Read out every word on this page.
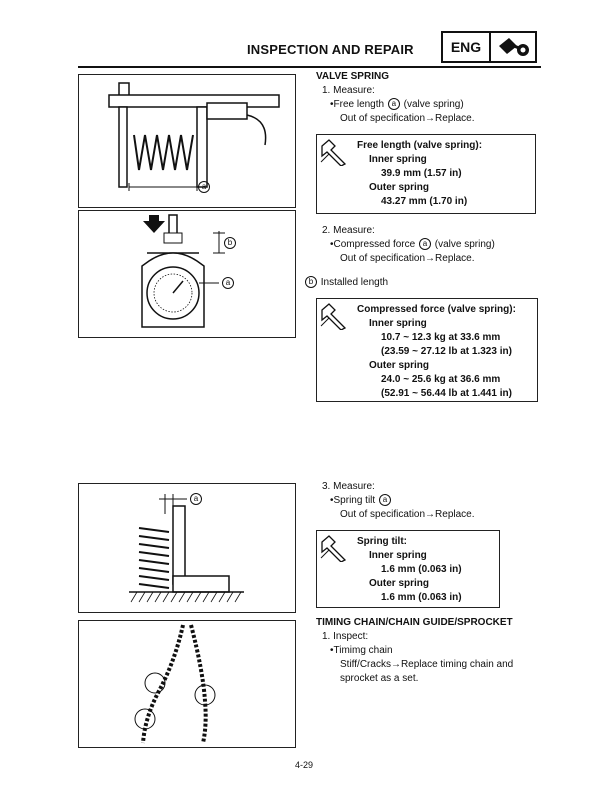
INSPECTION AND REPAIR	ENG
a
b
a
a
VALVE SPRING
1. Measure:
•Free length a (valve spring)
Out of specification→Replace.
Free length (valve spring):
Inner spring
39.9 mm (1.57 in)
Outer spring
43.27 mm (1.70 in)
2. Measure:
•Compressed force a (valve spring)
Out of specification→Replace.
b Installed length
Compressed force (valve spring):
Inner spring
10.7 ~ 12.3 kg at 33.6 mm
(23.59 ~ 27.12 lb at 1.323 in)
Outer spring
24.0 ~ 25.6 kg at 36.6 mm
(52.91 ~ 56.44 lb at 1.441 in)
3. Measure:
•Spring tilt a
Out of specification→Replace.
Spring tilt:
Inner spring
1.6 mm (0.063 in)
Outer spring
1.6 mm (0.063 in)
TIMING CHAIN/CHAIN GUIDE/SPROCKET
1. Inspect:
•Timimg chain
Stiff/Cracks→Replace timing chain and
sprocket as a set.
4-29
